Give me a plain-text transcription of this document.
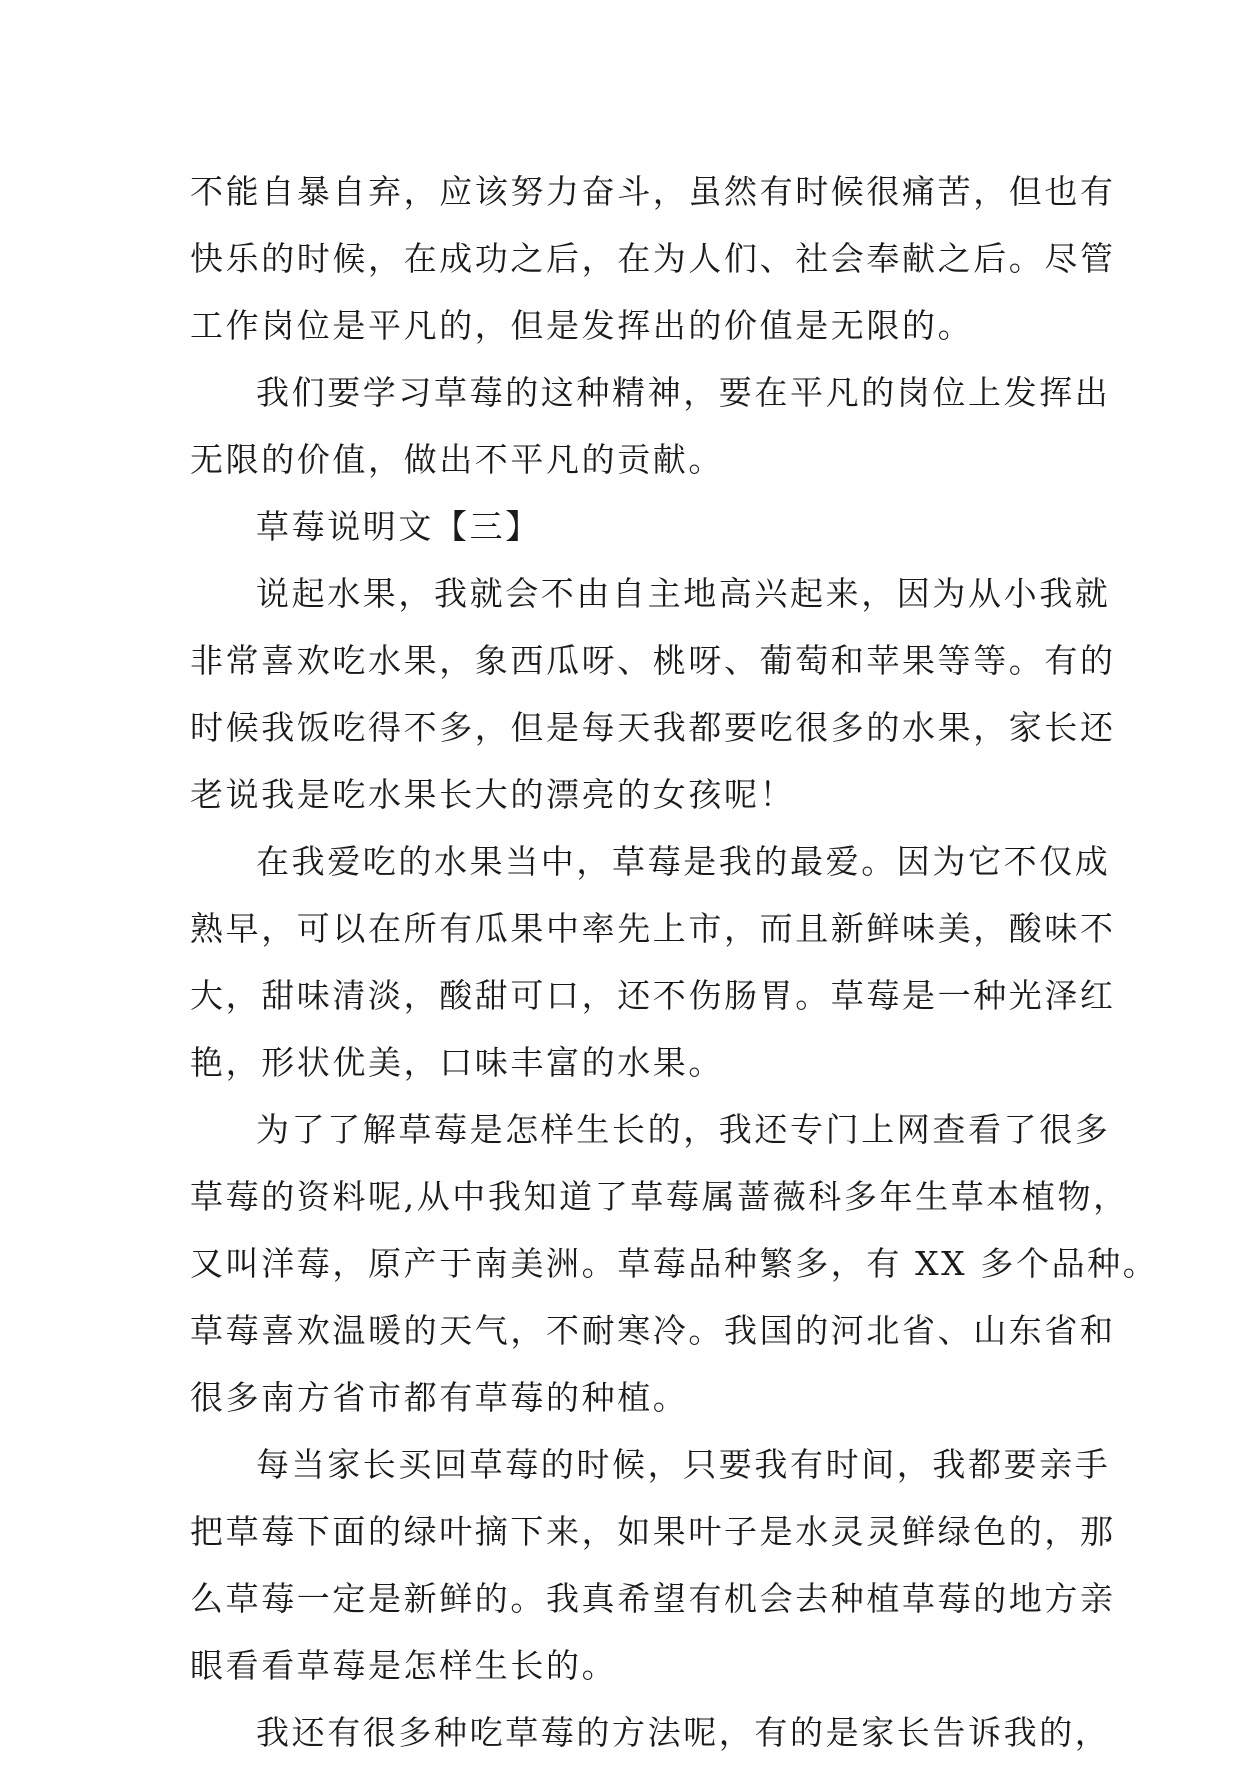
不能自暴自弃，应该努力奋斗，虽然有时候很痛苦，但也有
快乐的时候，在成功之后，在为人们、社会奉献之后。尽管
工作岗位是平凡的，但是发挥出的价值是无限的。
我们要学习草莓的这种精神，要在平凡的岗位上发挥出
无限的价值，做出不平凡的贡献。
草莓说明文【三】
说起水果，我就会不由自主地高兴起来，因为从小我就
非常喜欢吃水果，象西瓜呀、桃呀、葡萄和苹果等等。有的
时候我饭吃得不多，但是每天我都要吃很多的水果，家长还
老说我是吃水果长大的漂亮的女孩呢！
在我爱吃的水果当中，草莓是我的最爱。因为它不仅成
熟早，可以在所有瓜果中率先上市，而且新鲜味美，酸味不
大，甜味清淡，酸甜可口，还不伤肠胃。草莓是一种光泽红
艳，形状优美，口味丰富的水果。
为了了解草莓是怎样生长的，我还专门上网查看了很多
草莓的资料呢,从中我知道了草莓属蔷薇科多年生草本植物，
又叫洋莓，原产于南美洲。草莓品种繁多，有 XX 多个品种。
草莓喜欢温暖的天气，不耐寒冷。我国的河北省、山东省和
很多南方省市都有草莓的种植。
每当家长买回草莓的时候，只要我有时间，我都要亲手
把草莓下面的绿叶摘下来，如果叶子是水灵灵鲜绿色的，那
么草莓一定是新鲜的。我真希望有机会去种植草莓的地方亲
眼看看草莓是怎样生长的。
我还有很多种吃草莓的方法呢，有的是家长告诉我的，
